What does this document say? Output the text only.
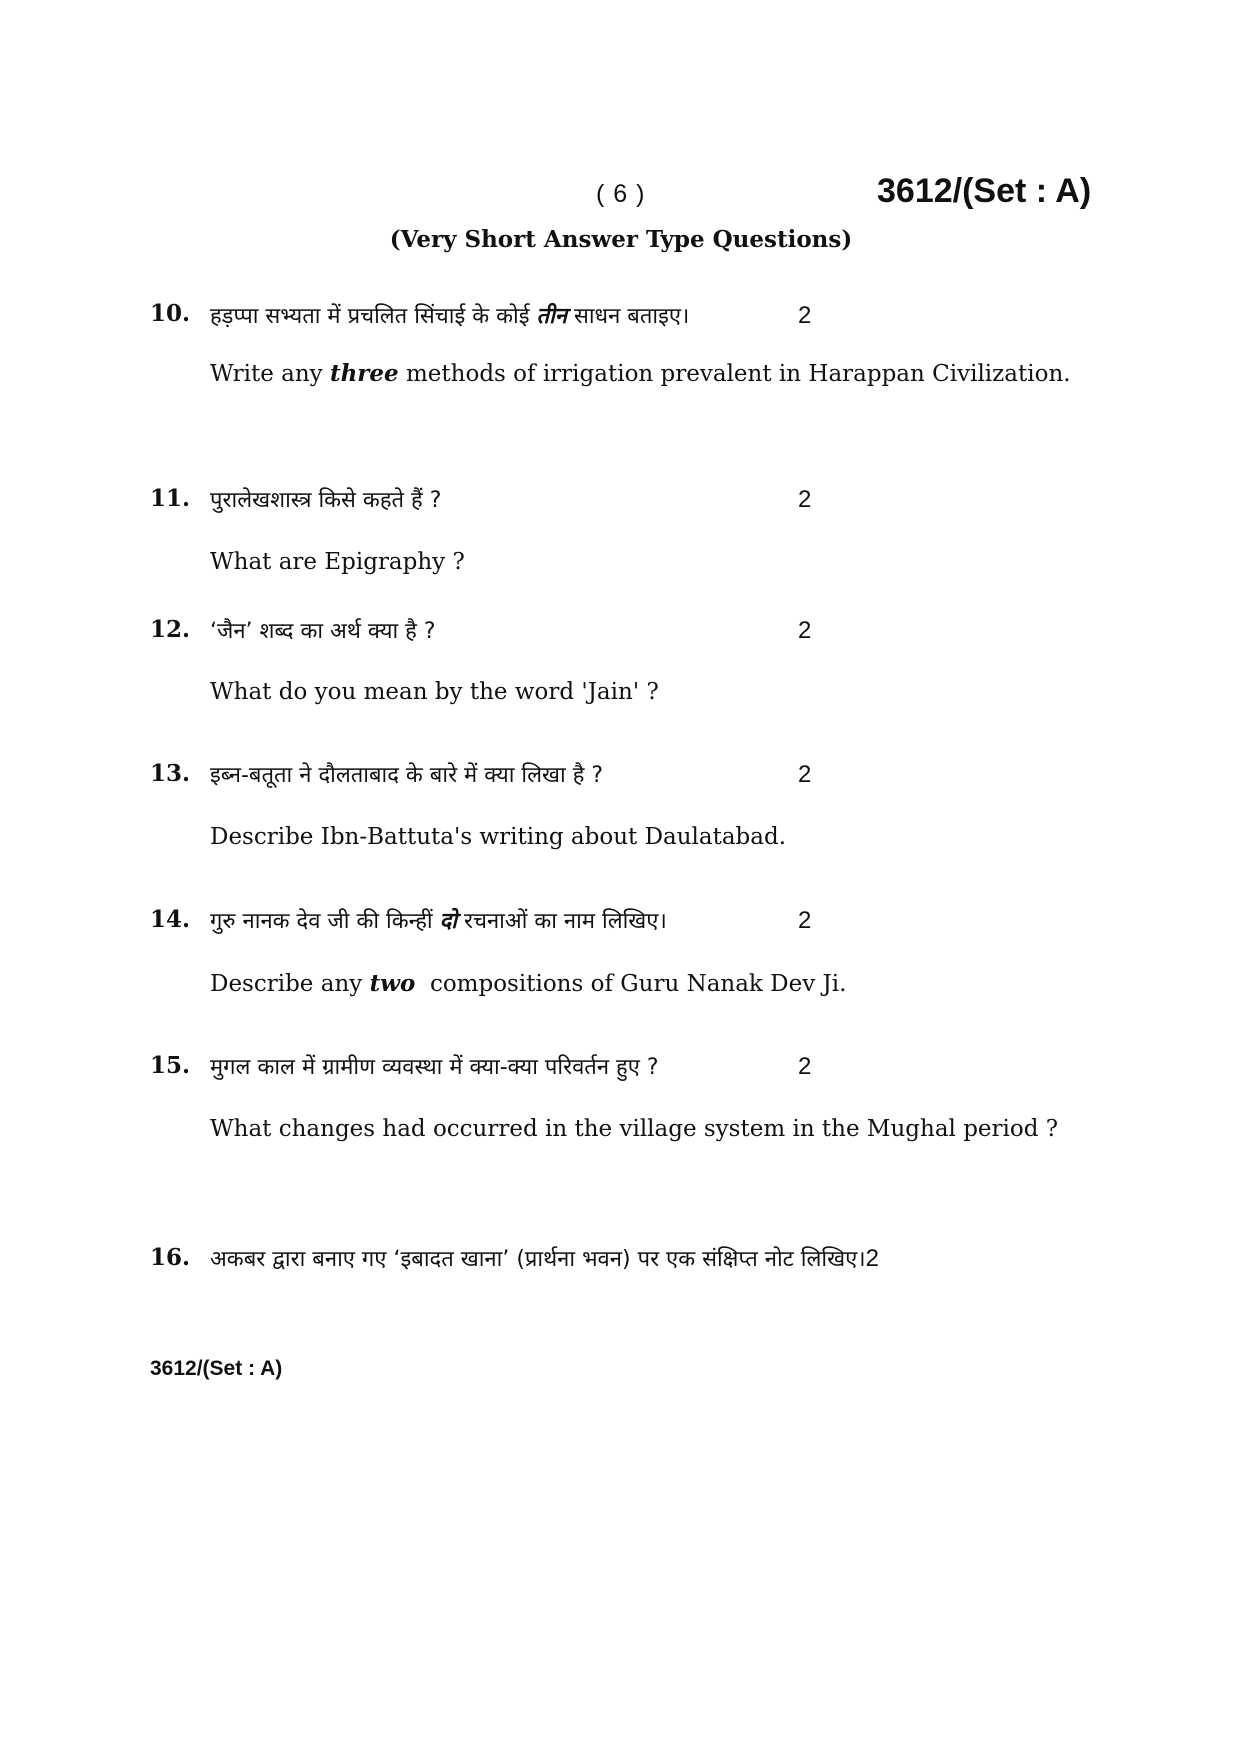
( 6 )	3612/(Set : A)
(Very Short Answer Type Questions)
10. हड़प्पा सभ्यता में प्रचलित सिंचाई के कोई तीन साधन बताइए।	2
Write any three methods of irrigation prevalent in Harappan Civilization.
11. पुरालेखशास्त्र किसे कहते हैं ?	2
What are Epigraphy ?
12. ‘जैन’ शब्द का अर्थ क्या है ?	2
What do you mean by the word 'Jain' ?
13. इब्न-बतूता ने दौलताबाद के बारे में क्या लिखा है ?	2
Describe Ibn-Battuta's writing about Daulatabad.
14. गुरु नानक देव जी की किन्हीं दो रचनाओं का नाम लिखिए।	2
Describe any two  compositions of Guru Nanak Dev Ji.
15. मुगल काल में ग्रामीण व्यवस्था में क्या-क्या परिवर्तन हुए ?	2
What changes had occurred in the village system in the Mughal period ?
16. अकबर द्वारा बनाए गए ‘इबादत खाना’ (प्रार्थना भवन) पर एक संक्षिप्त नोट लिखिए।2
3612/(Set : A)
